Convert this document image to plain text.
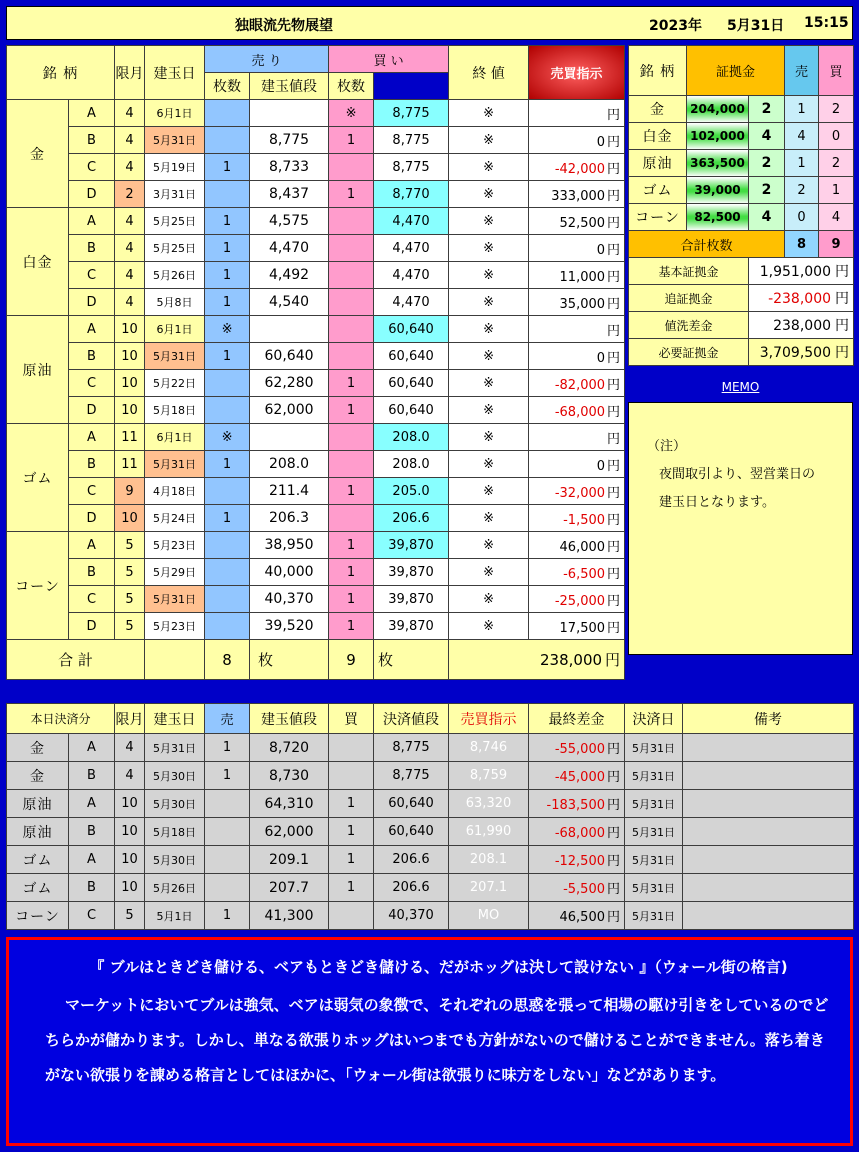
独眼流先物展望	2023年 5月31日 15:15
銘 柄		限月	建玉日	売 り		買 い		終 値	売買指示	
				枚数	建玉値段	枚数				
金	A	4	6月1日			※	8,775	※	円	
	B	4	5月31日		8,775	1	8,775	※	0 円	
	C	4	5月19日	1	8,733		8,775	※	-42,000 円	
	D	2	3月31日		8,437	1	8,770	※	333,000 円	
白金	A	4	5月25日	1	4,575		4,470	※	52,500 円	
	B	4	5月25日	1	4,470		4,470	※	0 円	
	C	4	5月26日	1	4,492		4,470	※	11,000 円	
	D	4	5月8日	1	4,540		4,470	※	35,000 円	
原油	A	10	6月1日	※			60,640	※	円	
	B	10	5月31日	1	60,640		60,640	※	0 円	
	C	10	5月22日		62,280	1	60,640	※	-82,000 円	
	D	10	5月18日		62,000	1	60,640	※	-68,000 円	
ゴム	A	11	6月1日	※			208.0	※	円	
	B	11	5月31日	1	208.0		208.0	※	0 円	
	C	9	4月18日		211.4	1	205.0	※	-32,000 円	
	D	10	5月24日	1	206.3		206.6	※	-1,500 円	
コーン	A	5	5月23日		38,950	1	39,870	※	46,000 円	
	B	5	5月29日		40,000	1	39,870	※	-6,500 円	
	C	5	5月31日		40,370	1	39,870	※	-25,000 円	
	D	5	5月23日		39,520	1	39,870	※	17,500 円	
合 計				8	枚	9	枚	238,000 円		
銘 柄	証拠金		売	買
金	204,000	2	1	2
白金	102,000	4	4	0
原油	363,500	2	1	2
ゴム	39,000	2	2	1
コーン	82,500	4	0	4
合計枚数			8	9
基本証拠金		1,951,000 円		
追証拠金		-238,000 円		
値洗差金		238,000 円		
必要証拠金		3,709,500 円		
MEMO
（注）
夜間取引より、翌営業日の
建玉日となります。
本日決済分		限月	建玉日	売	建玉値段	買	決済値段	売買指示	最終差金	決済日	備考
金	A	4	5月31日	1	8,720		8,775	8,746	-55,000 円	5月31日	
金	B	4	5月30日	1	8,730		8,775	8,759	-45,000 円	5月31日	
原油	A	10	5月30日		64,310	1	60,640	63,320	-183,500 円	5月31日	
原油	B	10	5月18日		62,000	1	60,640	61,990	-68,000 円	5月31日	
ゴム	A	10	5月30日		209.1	1	206.6	208.1	-12,500 円	5月31日	
ゴム	B	10	5月26日		207.7	1	206.6	207.1	-5,500 円	5月31日	
コーン	C	5	5月1日	1	41,300		40,370	MO	46,500 円	5月31日	
『 ブルはときどき儲ける、ベアもときどき儲ける、だがホッグは決して設けない 』（ウォール街の格言)
マーケットにおいてブルは強気、ベアは弱気の象徴で、それぞれの思惑を張って相場の駆け引きをしているのでどちらかが儲かります。しかし、単なる欲張りホッグはいつまでも方針がないので儲けることができません。落ち着きがない欲張りを諌める格言としてはほかに、「ウォール街は欲張りに味方をしない」などがあります。
